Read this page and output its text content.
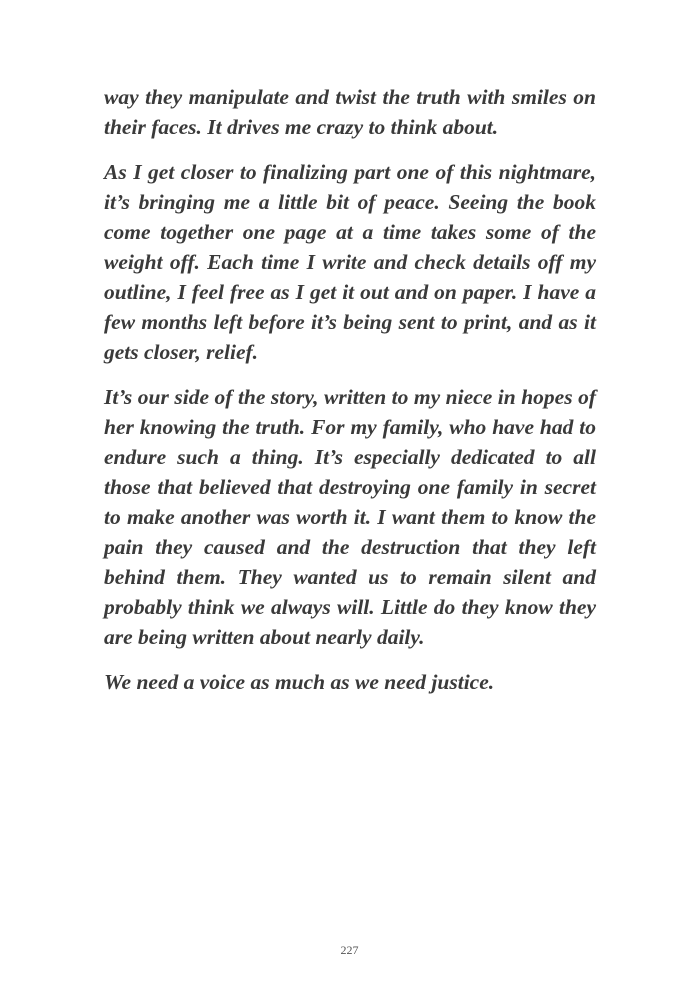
way they manipulate and twist the truth with smiles on their faces. It drives me crazy to think about.

As I get closer to finalizing part one of this nightmare, it’s bringing me a little bit of peace. Seeing the book come together one page at a time takes some of the weight off. Each time I write and check details off my outline, I feel free as I get it out and on paper. I have a few months left before it’s being sent to print, and as it gets closer, relief.

It’s our side of the story, written to my niece in hopes of her knowing the truth. For my family, who have had to endure such a thing. It’s especially dedicated to all those that believed that destroying one family in secret to make another was worth it. I want them to know the pain they caused and the destruction that they left behind them. They wanted us to remain silent and probably think we always will. Little do they know they are being written about nearly daily.

We need a voice as much as we need justice.

227
